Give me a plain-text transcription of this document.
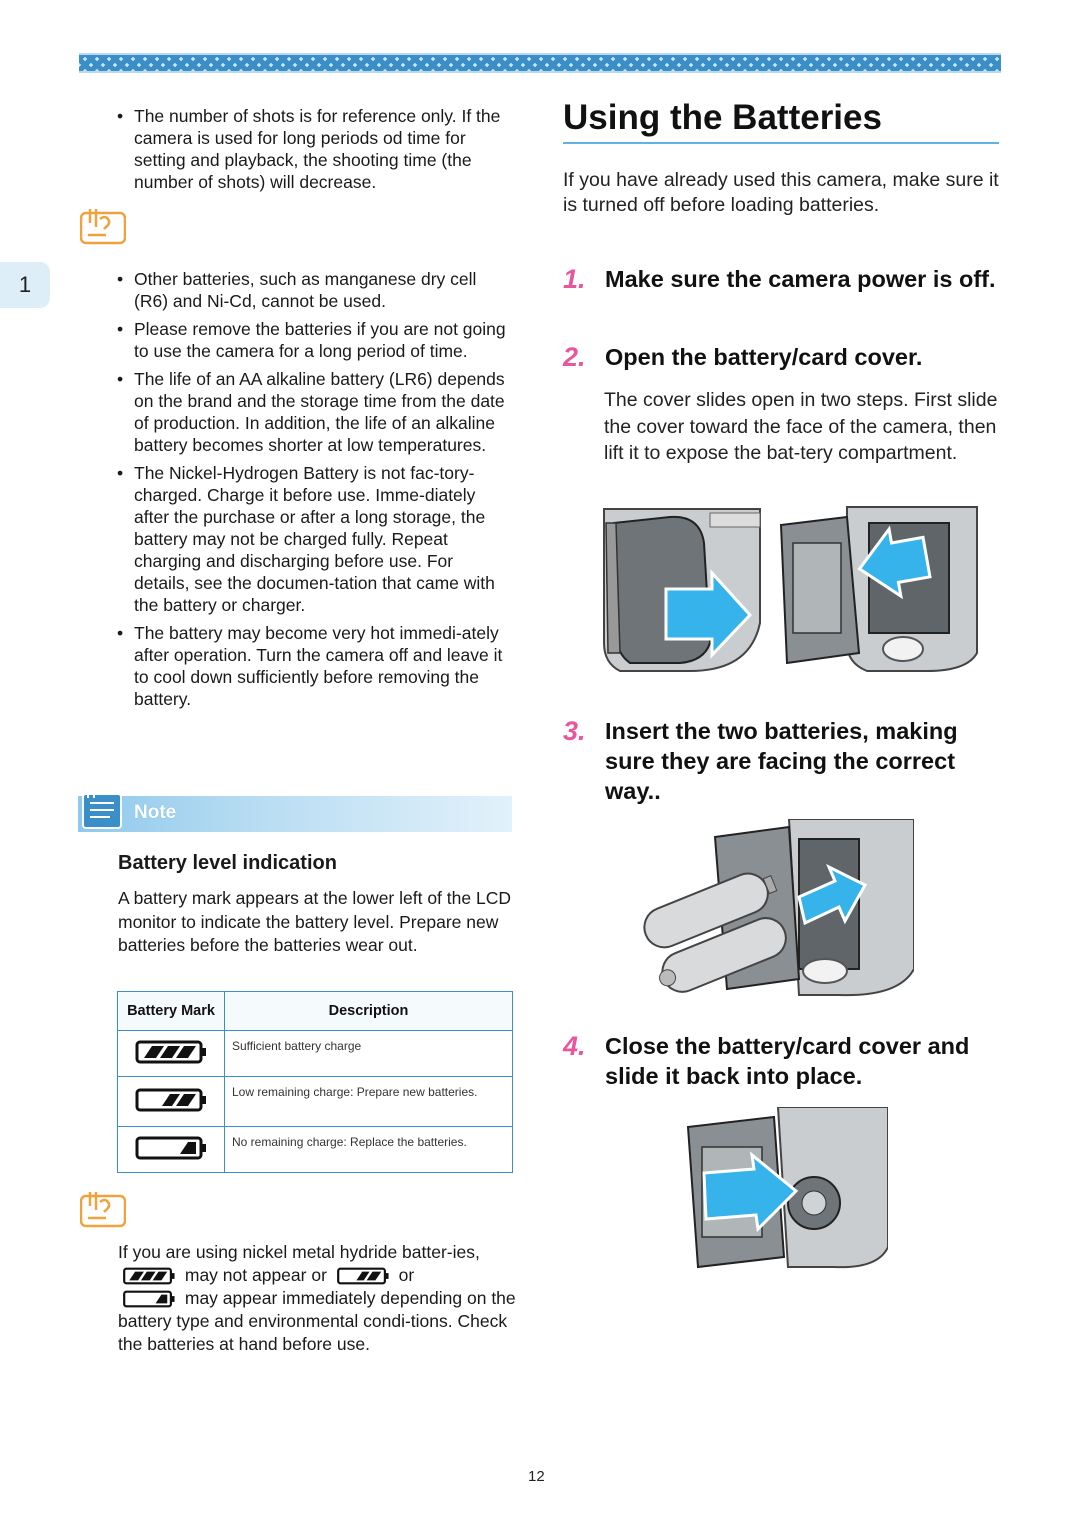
1
• The number of shots is for reference only. If the camera is used for long periods od time for setting and playback, the shooting time (the number of shots) will decrease.
• Other batteries, such as manganese dry cell (R6) and Ni-Cd, cannot be used.
• Please remove the batteries if you are not going to use the camera for a long period of time.
• The life of an AA alkaline battery (LR6) depends on the brand and the storage time from the date of production. In addition, the life of an alkaline battery becomes shorter at low temperatures.
• The Nickel-Hydrogen Battery is not fac-tory-charged. Charge it before use. Imme-diately after the purchase or after a long storage, the battery may not be charged fully. Repeat charging and discharging before use. For details, see the documen-tation that came with the battery or charger.
• The battery may become very hot immedi-ately after operation. Turn the camera off and leave it to cool down sufficiently before removing the battery.
Note
Battery level indication
A battery mark appears at the lower left of the LCD monitor to indicate the battery level. Prepare new batteries before the batteries wear out.
Battery Mark	Description
	Sufficient battery charge
	Low remaining charge: Prepare new batteries.
	No remaining charge: Replace the batteries.
If you are using nickel metal hydride batter-ies,  may not appear or	or
may appear immediately depending on the battery type and environmental condi-tions. Check the batteries at hand before use.
Using the Batteries
If you have already used this camera, make sure it is turned off before loading batteries.
1. Make sure the camera power is off.
2. Open the battery/card cover.
The cover slides open in two steps. First slide the cover toward the face of the camera, then lift it to expose the bat-tery compartment.
3. Insert the two batteries, making sure they are facing the correct way..
4. Close the battery/card cover and slide it back into place.
12
